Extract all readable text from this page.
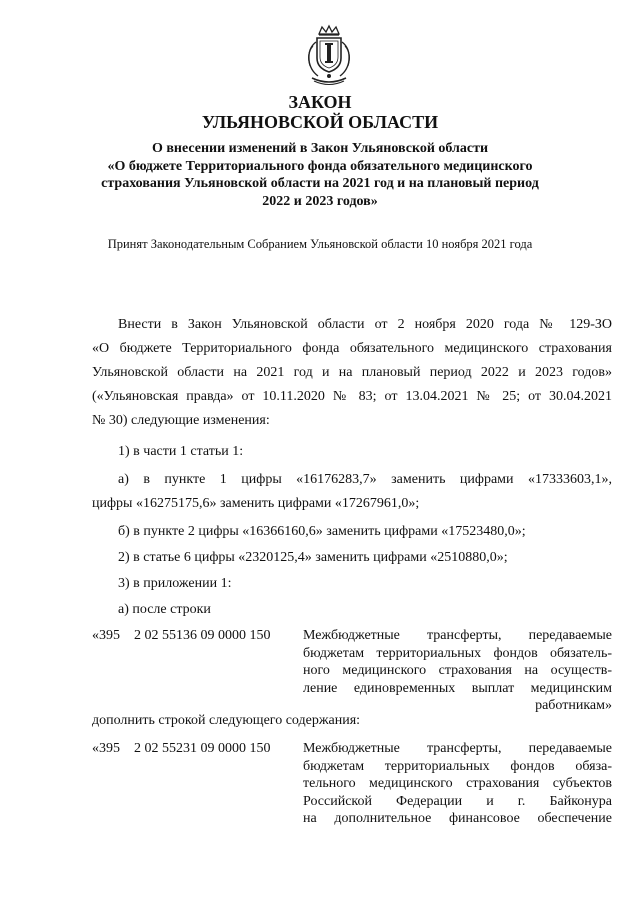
ЗАКОН
УЛЬЯНОВСКОЙ ОБЛАСТИ
О внесении изменений в Закон Ульяновской области
«О бюджете Территориального фонда обязательного медицинского
страхования Ульяновской области на 2021 год и на плановый период
2022 и 2023 годов»
Принят Законодательным Собранием Ульяновской области 10 ноября 2021 года
Внести в Закон Ульяновской области от 2 ноября 2020 года № 129-ЗО
«О бюджете Территориального фонда обязательного медицинского страхования
Ульяновской области на 2021 год и на плановый период 2022 и 2023 годов»
(«Ульяновская правда» от 10.11.2020 № 83; от 13.04.2021 № 25; от 30.04.2021
№ 30) следующие изменения:
1) в части 1 статьи 1:
а) в пункте 1 цифры «16176283,7» заменить цифрами «17333603,1»,
цифры «16275175,6» заменить цифрами «17267961,0»;
б) в пункте 2 цифры «16366160,6» заменить цифрами «17523480,0»;
2) в статье 6 цифры «2320125,4» заменить цифрами «2510880,0»;
3) в приложении 1:
а) после строки
«395 2 02 55136 09 0000 150 Межбюджетные трансферты, передаваемые
бюджетам территориальных фондов обязатель-
ного медицинского страхования на осуществ-
ление единовременных выплат медицинским
работникам»
дополнить строкой следующего содержания:
«395 2 02 55231 09 0000 150 Межбюджетные трансферты, передаваемые
бюджетам территориальных фондов обяза-
тельного медицинского страхования субъектов
Российской Федерации и г. Байконура
на дополнительное финансовое обеспечение
